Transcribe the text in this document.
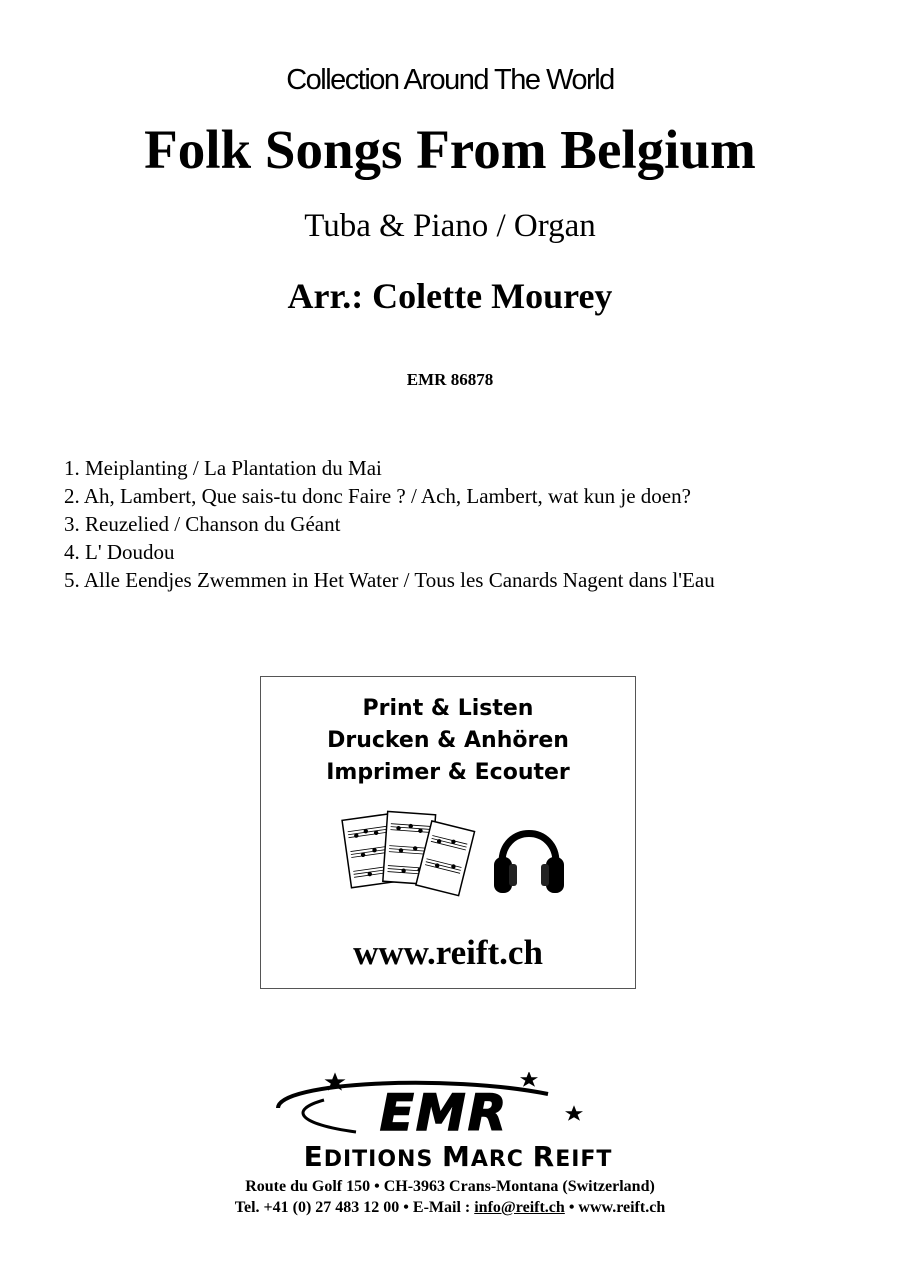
Collection Around The World
Folk Songs From Belgium
Tuba & Piano / Organ
Arr.: Colette Mourey
EMR 86878
1. Meiplanting / La Plantation du Mai
2. Ah, Lambert, Que sais-tu donc Faire ? / Ach, Lambert, wat kun je doen?
3. Reuzelied / Chanson du Géant
4. L' Doudou
5. Alle Eendjes Zwemmen in Het Water / Tous les Canards Nagent dans l'Eau
Print & Listen
Drucken & Anhören
Imprimer & Ecouter
www.reift.ch
EMR
EDITIONS MARC REIFT
Route du Golf 150 • CH-3963 Crans-Montana (Switzerland)
Tel. +41 (0) 27 483 12 00 • E-Mail : info@reift.ch • www.reift.ch
